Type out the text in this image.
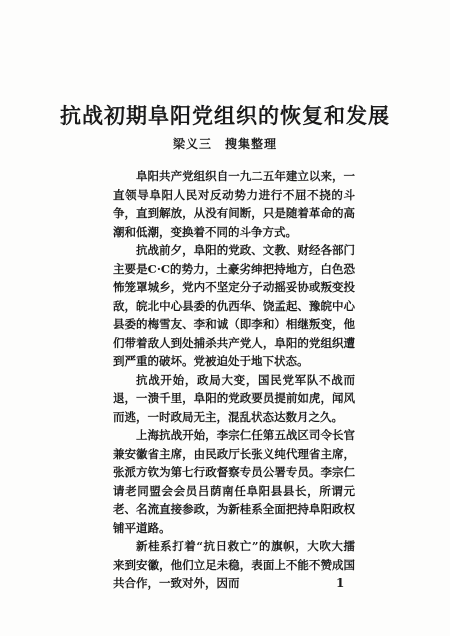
抗战初期阜阳党组织的恢复和发展
梁义三　搜集整理

阜阳共产党组织自一九二五年建立以来，一直领导阜阳人民对反动势力进行不屈不挠的斗争，直到解放，从没有间断，只是随着革命的高潮和低潮，变换着不同的斗争方式。

抗战前夕，阜阳的党政、文教、财经各部门主要是C·C的势力，土豪劣绅把持地方，白色恐怖笼罩城乡，党内不坚定分子动摇妥协或叛变投敌，皖北中心县委的仇西华、饶孟起、豫皖中心县委的梅雪友、李和诚（即李和）相继叛变，他们带着敌人到处捕杀共产党人，阜阳的党组织遭到严重的破坏。党被迫处于地下状态。

抗战开始，政局大变，国民党军队不战而退，一溃千里，阜阳的党政要员提前如虎，闻风而逃，一时政局无主，混乱状态达数月之久。

上海抗战开始，李宗仁任第五战区司令长官兼安徽省主席，由民政厅长张义纯代理省主席，张派方钦为第七行政督察专员公署专员。李宗仁请老同盟会会员吕荫南任阜阳县县长，所谓元老、名流直接参政，为新桂系全面把持阜阳政权铺平道路。

新桂系打着“抗日救亡”的旗帜，大吹大擂来到安徽，他们立足未稳，表面上不能不赞成国共合作，一致对外，因而	1
